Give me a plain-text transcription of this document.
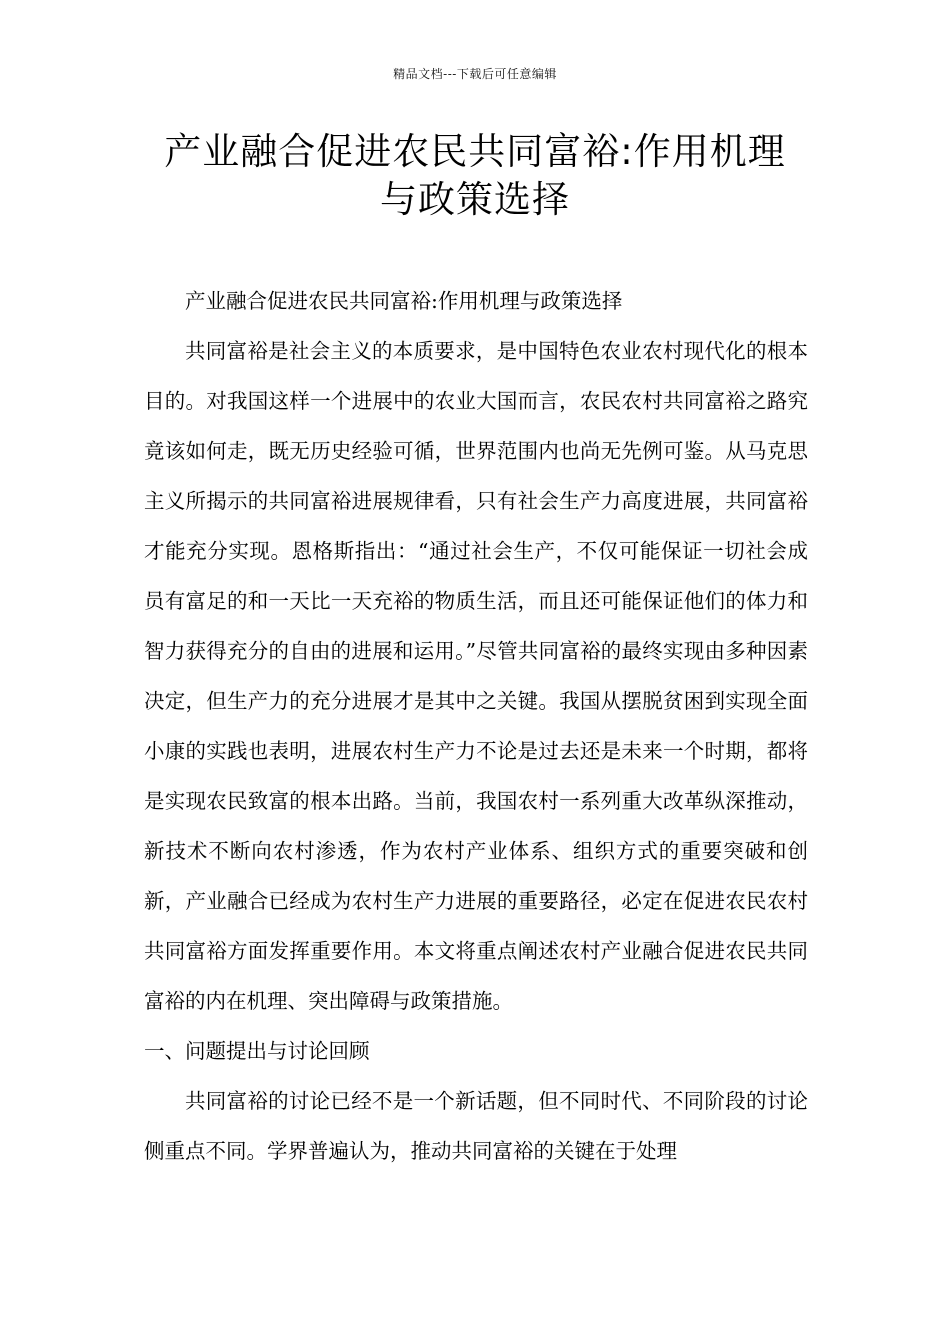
精品文档---下载后可任意编辑
产业融合促进农民共同富裕:作用机理
与政策选择

产业融合促进农民共同富裕:作用机理与政策选择

共同富裕是社会主义的本质要求，是中国特色农业农村现代化的根本目的。对我国这样一个进展中的农业大国而言，农民农村共同富裕之路究竟该如何走，既无历史经验可循，世界范围内也尚无先例可鉴。从马克思主义所揭示的共同富裕进展规律看，只有社会生产力高度进展，共同富裕才能充分实现。恩格斯指出：“通过社会生产，不仅可能保证一切社会成员有富足的和一天比一天充裕的物质生活，而且还可能保证他们的体力和智力获得充分的自由的进展和运用。”尽管共同富裕的最终实现由多种因素决定，但生产力的充分进展才是其中之关键。我国从摆脱贫困到实现全面小康的实践也表明，进展农村生产力不论是过去还是未来一个时期，都将是实现农民致富的根本出路。当前，我国农村一系列重大改革纵深推动，新技术不断向农村渗透，作为农村产业体系、组织方式的重要突破和创新，产业融合已经成为农村生产力进展的重要路径，必定在促进农民农村共同富裕方面发挥重要作用。本文将重点阐述农村产业融合促进农民共同富裕的内在机理、突出障碍与政策措施。

一、问题提出与讨论回顾

共同富裕的讨论已经不是一个新话题，但不同时代、不同阶段的讨论侧重点不同。学界普遍认为，推动共同富裕的关键在于处理
